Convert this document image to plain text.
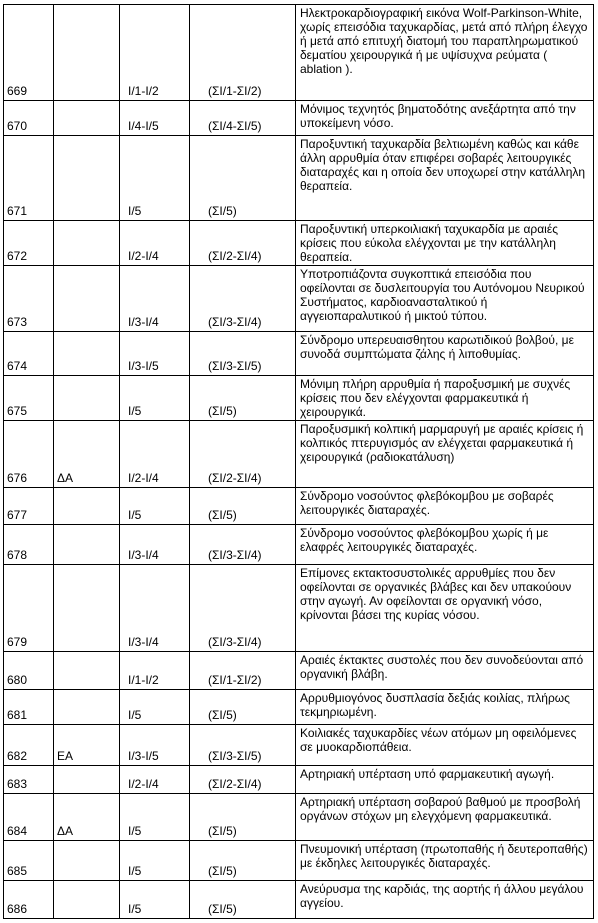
669		Ι/1-Ι/2	(ΣΙ/1-ΣΙ/2)	Ηλεκτροκαρδιογραφική εικόνα Wolf-Parkinson-White, χωρίς επεισόδια ταχυκαρδίας, μετά από πλήρη έλεγχο ή μετά από επιτυχή διατομή του παραπληρωματικού δεματίου χειρουργικά ή με υψίσυχνα ρεύματα ( ablation ).
670		Ι/4-Ι/5	(ΣΙ/4-ΣΙ/5)	Μόνιμος τεχνητός βηματοδότης ανεξάρτητα από την υποκείμενη νόσο.
671		Ι/5	(ΣΙ/5)	Παροξυντική ταχυκαρδία βελτιωμένη καθώς και κάθε άλλη αρρυθμία όταν επιφέρει σοβαρές λειτουργικές διαταραχές και η οποία δεν υποχωρεί στην κατάλληλη θεραπεία.
672		Ι/2-Ι/4	(ΣΙ/2-ΣΙ/4)	Παροξυντική υπερκοιλιακή ταχυκαρδία με αραιές κρίσεις που εύκολα ελέγχονται με την κατάλληλη θεραπεία.
673		Ι/3-Ι/4	(ΣΙ/3-ΣΙ/4)	Υποτροπιάζοντα συγκοπτικά επεισόδια που οφείλονται σε δυσλειτουργία του Αυτόνομου Νευρικού Συστήματος, καρδιοανασταλτικού ή αγγειοπαραλυτικού ή μικτού τύπου.
674		Ι/3-Ι/5	(ΣΙ/3-ΣΙ/5)	Σύνδρομο υπερευαισθητου καρωτιδικού βολβού, με συνοδά συμπτώματα ζάλης ή λιποθυμίας.
675		Ι/5	(ΣΙ/5)	Μόνιμη πλήρη αρρυθμία ή παροξυσμική με συχνές κρίσεις που δεν ελέγχονται φαρμακευτικά ή χειρουργικά.
676	ΔΑ	Ι/2-Ι/4	(ΣΙ/2-ΣΙ/4)	Παροξυσμική κολπική μαρμαρυγή με αραιές κρίσεις ή κολπικός πτερυγισμός αν ελέγχεται φαρμακευτικά ή χειρουργικά (ραδιοκατάλυση)
677		Ι/5	(ΣΙ/5)	Σύνδρομο νοσούντος φλεβόκομβου με σοβαρές λειτουργικές διαταραχές.
678		Ι/3-Ι/4	(ΣΙ/3-ΣΙ/4)	Σύνδρομο νοσούντος φλεβόκομβου χωρίς ή με ελαφρές λειτουργικές διαταραχές.
679		Ι/3-Ι/4	(ΣΙ/3-ΣΙ/4)	Επίμονες εκτακτοσυστολικές αρρυθμίες που δεν οφείλονται σε οργανικές βλάβες και δεν υπακούουν στην αγωγή. Αν οφείλονται σε οργανική νόσο, κρίνονται βάσει της κυρίας νόσου.
680		Ι/1-Ι/2	(ΣΙ/1-ΣΙ/2)	Αραιές έκτακτες συστολές που δεν συνοδεύονται από οργανική βλάβη.
681		Ι/5	(ΣΙ/5)	Αρρυθμιογόνος δυσπλασία δεξιάς κοιλίας, πλήρως τεκμηριωμένη.
682	ΕΑ	Ι/3-Ι/5	(ΣΙ/3-ΣΙ/5)	Κοιλιακές ταχυκαρδίες νέων ατόμων μη οφειλόμενες σε μυοκαρδιοπάθεια.
683		Ι/2-Ι/4	(ΣΙ/2-ΣΙ/4)	Αρτηριακή υπέρταση υπό φαρμακευτική αγωγή.
684	ΔΑ	Ι/5	(ΣΙ/5)	Αρτηριακή υπέρταση σοβαρού βαθμού με προσβολή οργάνων στόχων μη ελεγχόμενη φαρμακευτικά.
685		Ι/5	(ΣΙ/5)	Πνευμονική υπέρταση (πρωτοπαθής ή δευτεροπαθής) με έκδηλες λειτουργικές διαταραχές.
686		Ι/5	(ΣΙ/5)	Ανεύρυσμα της καρδιάς, της αορτής ή άλλου μεγάλου αγγείου.
